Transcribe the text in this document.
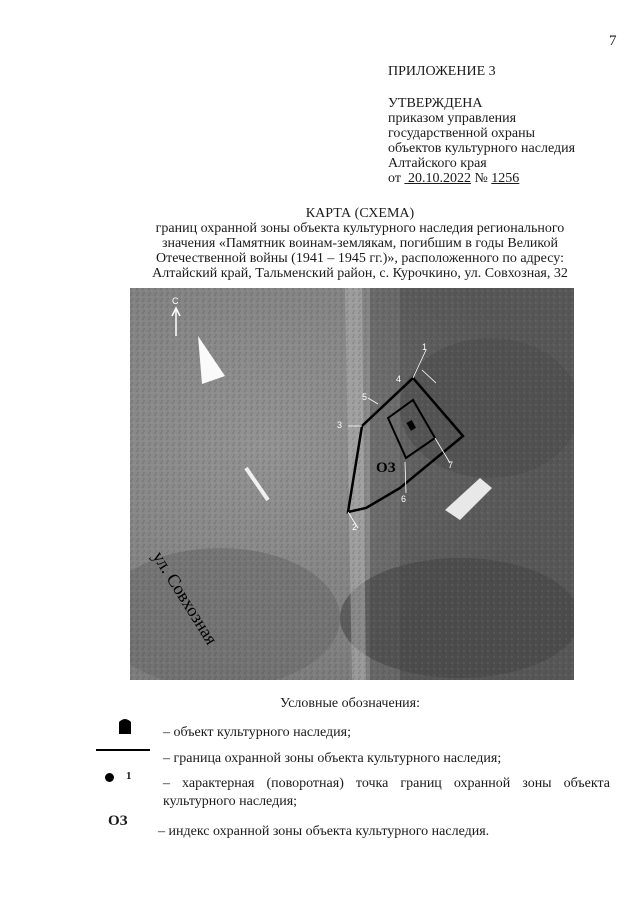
7
ПРИЛОЖЕНИЕ 3
УТВЕРЖДЕНА
приказом управления
государственной охраны
объектов культурного наследия
Алтайского края
от 20.10.2022 № 1256
КАРТА (СХЕМА)
границ охранной зоны объекта культурного наследия регионального
значения «Памятник воинам-землякам, погибшим в годы Великой
Отечественной войны (1941 – 1945 гг.)», расположенного по адресу:
Алтайский край, Тальменский район, с. Курочкино, ул. Совхозная, 32
С
1
2
3
4
5
6
7
ОЗ
ул. Совхозная
Условные обозначения:
– объект культурного наследия;
– граница охранной зоны объекта культурного наследия;
1 – характерная (поворотная) точка границ охранной зоны объекта культурного наследия;
ОЗ
– индекс охранной зоны объекта культурного наследия.
